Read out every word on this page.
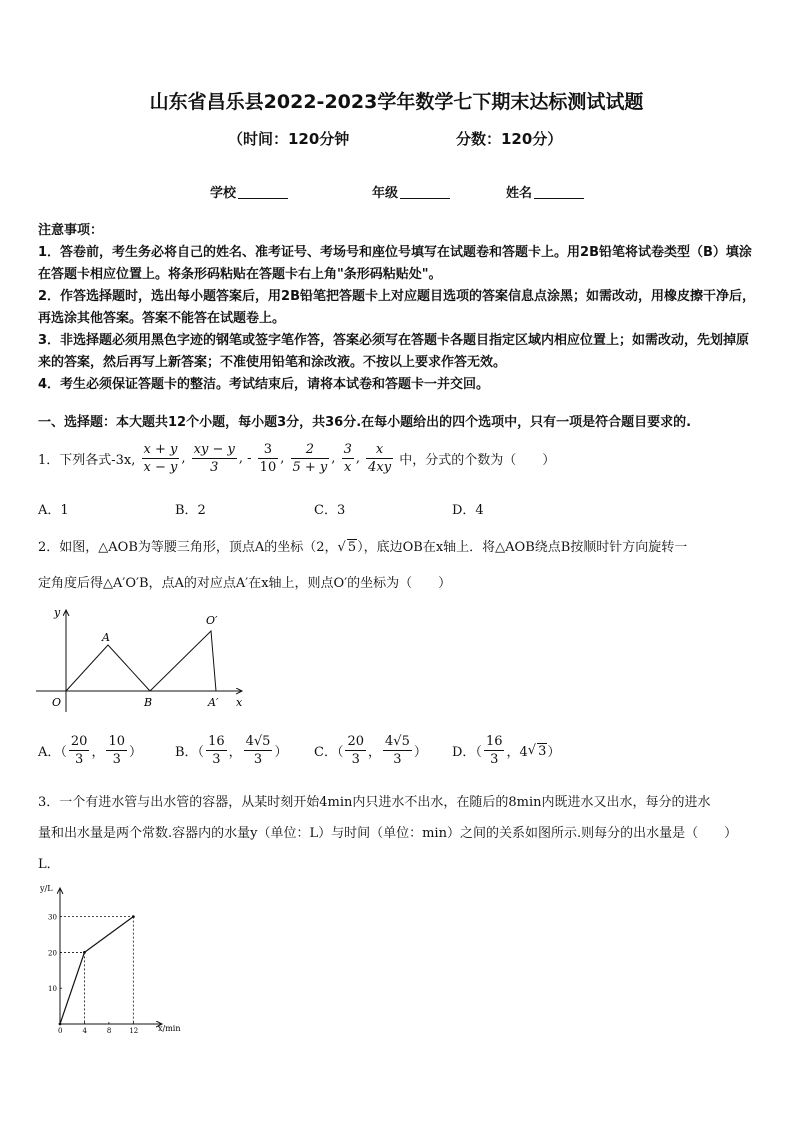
山东省昌乐县2022-2023学年数学七下期末达标测试试题
（时间：120分钟	分数：120分）
学校	年级	姓名

注意事项：

1．答卷前，考生务必将自己的姓名、准考证号、考场号和座位号填写在试题卷和答题卡上。用2B铅笔将试卷类型（B）填涂在答题卡相应位置上。将条形码粘贴在答题卡右上角"条形码粘贴处"。

2．作答选择题时，选出每小题答案后，用2B铅笔把答题卡上对应题目选项的答案信息点涂黑；如需改动，用橡皮擦干净后，再选涂其他答案。答案不能答在试题卷上。

3．非选择题必须用黑色字迹的钢笔或签字笔作答，答案必须写在答题卡各题目指定区域内相应位置上；如需改动，先划掉原来的答案，然后再写上新答案；不准使用铅笔和涂改液。不按以上要求作答无效。

4．考生必须保证答题卡的整洁。考试结束后，请将本试卷和答题卡一并交回。

一、选择题：本大题共12个小题，每小题3分，共36分.在每小题给出的四个选项中，只有一项是符合题目要求的.
1．下列各式-3x, $\frac{x + y}{x - y}$ , $\frac{xy - y}{3}$ , - $\frac{3}{10}$ , $\frac{2}{5 + y}$ , $\frac{3}{x}$ , $\frac{x}{4xy}$ 中，分式的个数为（　　）
A．1	B．2	C．3	D．4
2．如图，△AOB为等腰三角形，顶点A的坐标（2，√ 5），底边OB在x轴上．将△AOB绕点B按顺时针方向旋转一
定角度后得△A′O′B，点A的对应点A′在x轴上，则点O′的坐标为（　　）
y
x
O
A
B	A′
O′
A．（ $\frac{20}{3}$ ， $\frac{10}{3}$ ）	B．（ $\frac{16}{3}$ ， $\frac{4√5}{3}$ ） C．（ $\frac{20}{3}$ ， $\frac{4√5}{3}$ ） D．（ $\frac{16}{3}$ ，4√ 3）
3．一个有进水管与出水管的容器，从某时刻开始4min内只进水不出水，在随后的8min内既进水又出水，每分的进水
量和出水量是两个常数.容器内的水量y（单位：L）与时间（单位：min）之间的关系如图所示.则每分的出水量是（　　）
L．
y/L
x/min
0	4	8	12
10
20
30
